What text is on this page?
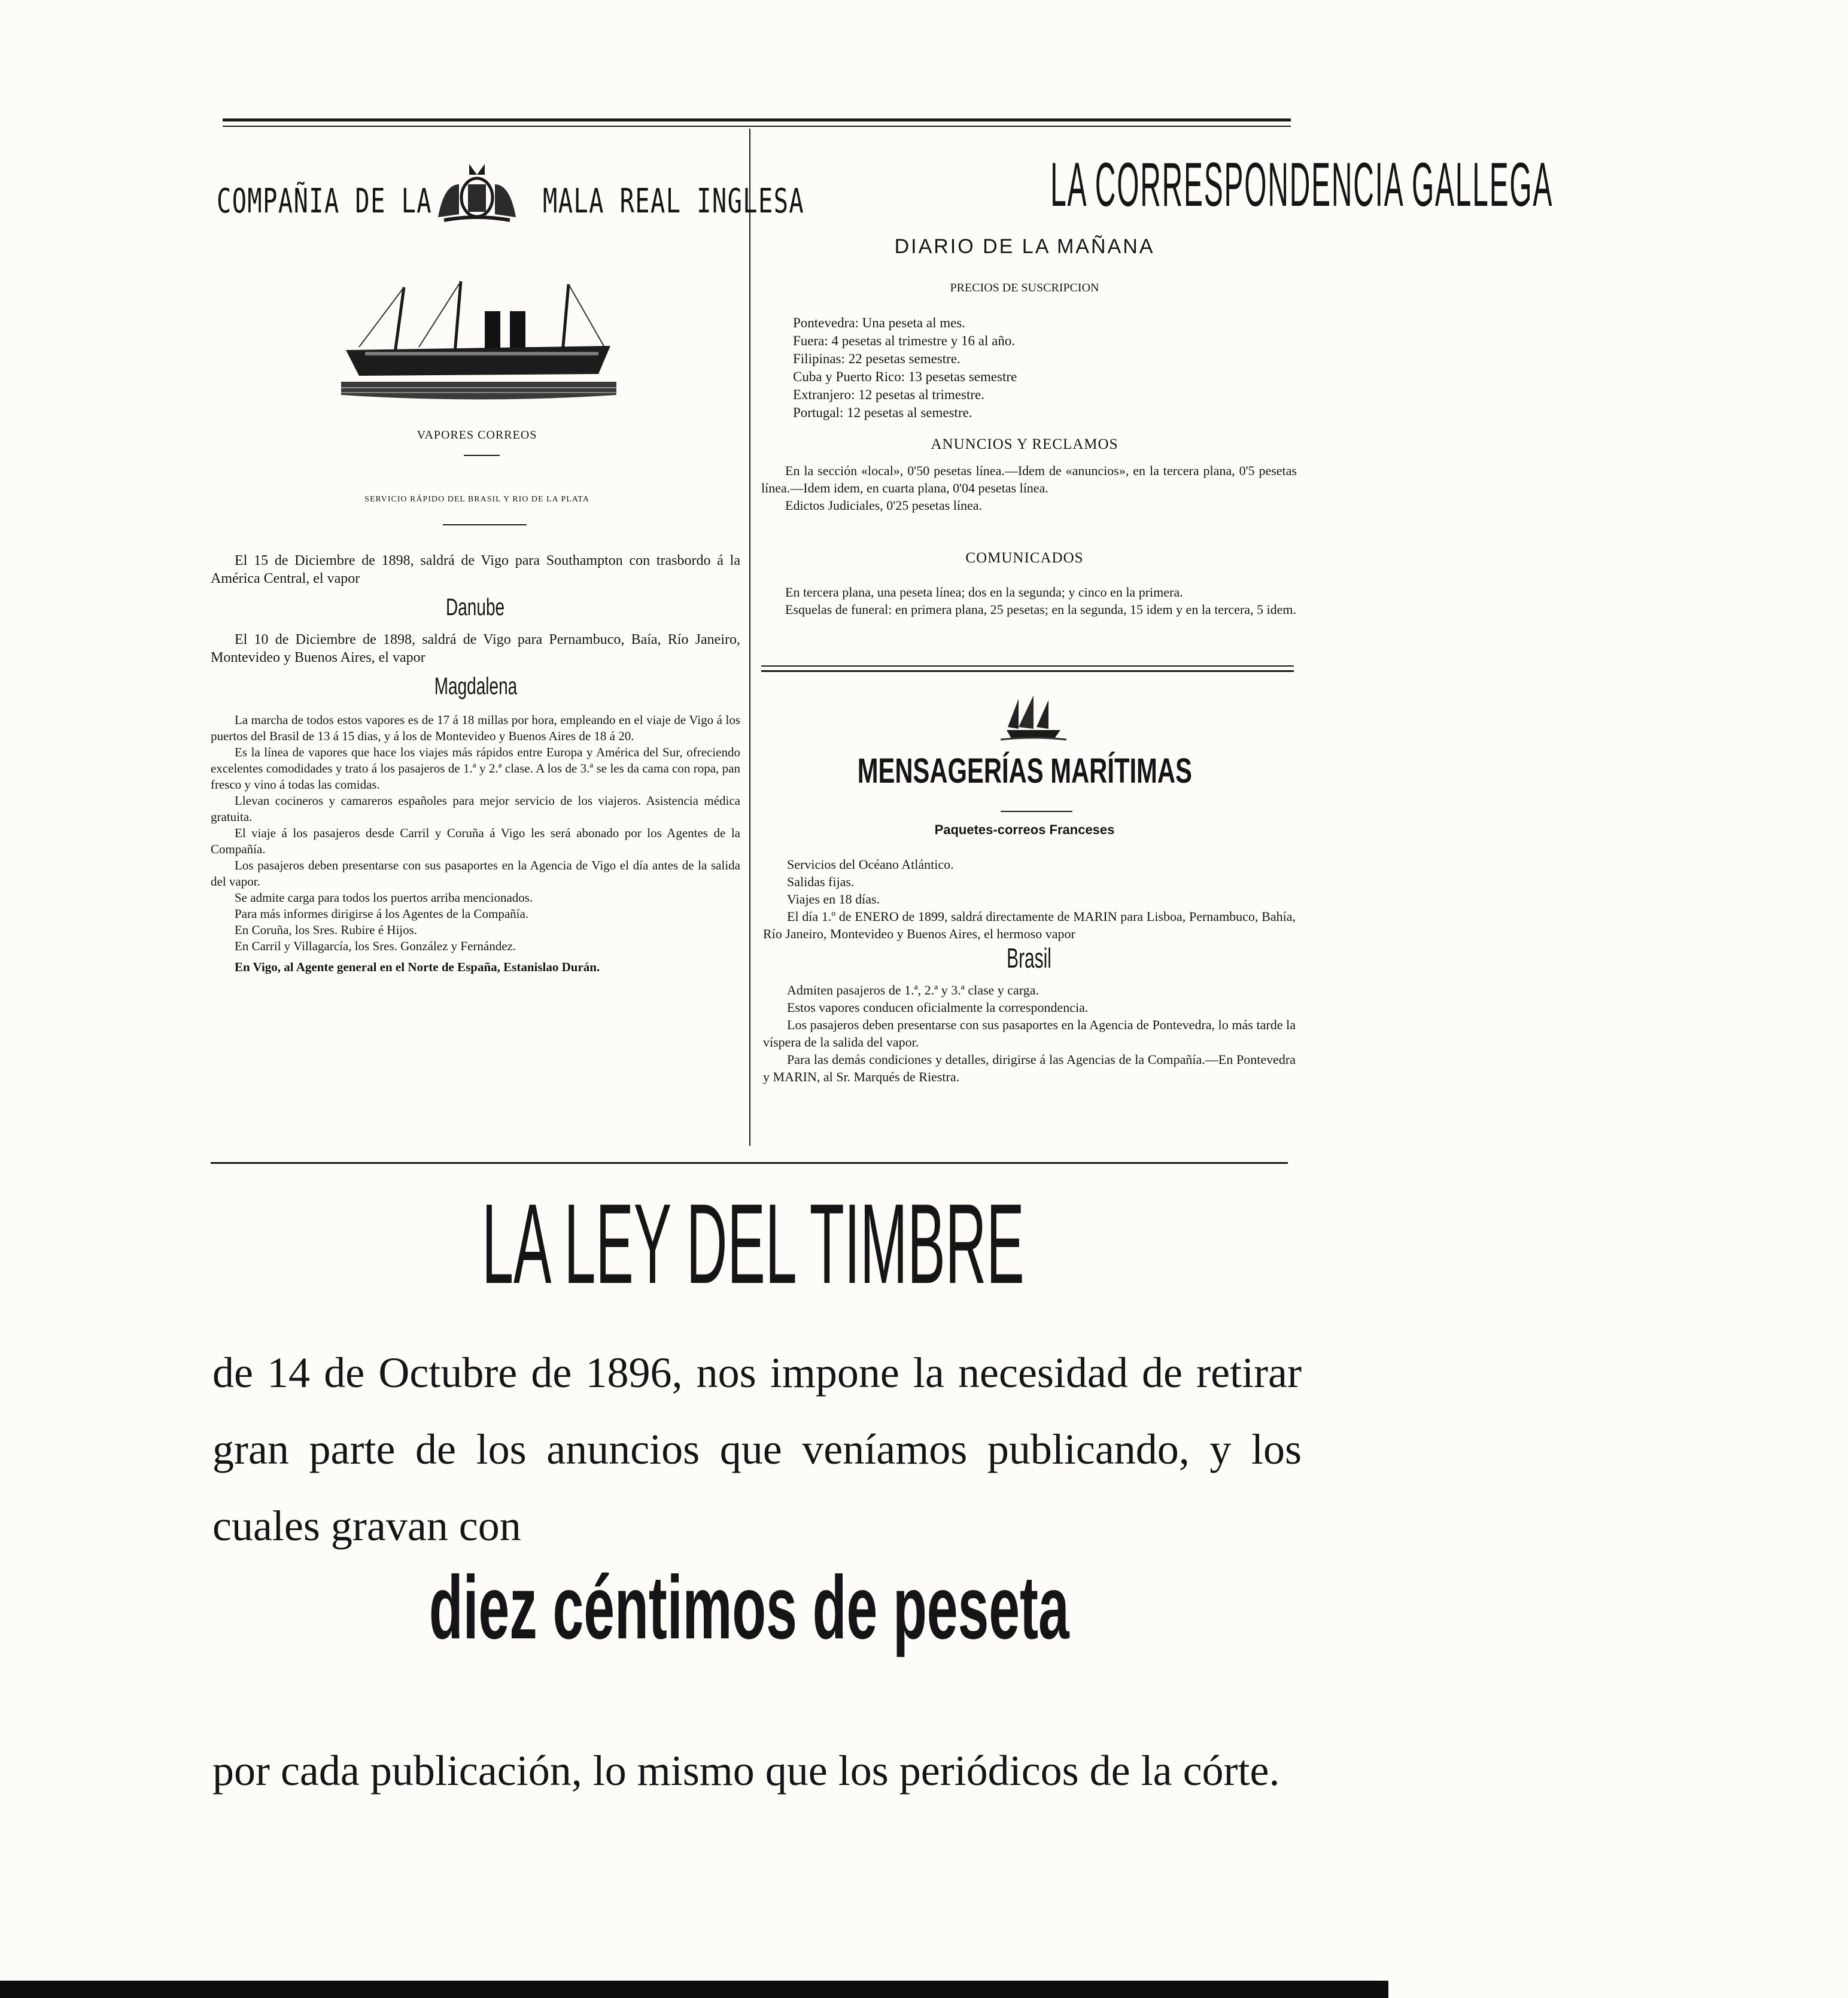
COMPAÑIA DE LA	MALA REAL INGLESA
VAPORES CORREOS
SERVICIO RÁPIDO DEL BRASIL Y RIO DE LA PLATA

El 15 de Diciembre de 1898, saldrá de Vigo para Southampton con trasbordo á la América Central, el vapor

Danube

El 10 de Diciembre de 1898, saldrá de Vigo para Pernambuco, Baía, Río Janeiro, Montevideo y Buenos Aires, el vapor

Magdalena

La marcha de todos estos vapores es de 17 á 18 millas por hora, empleando en el viaje de Vigo á los puertos del Brasil de 13 á 15 dias, y á los de Montevideo y Buenos Aires de 18 á 20.

Es la línea de vapores que hace los viajes más rápidos entre Europa y América del Sur, ofreciendo excelentes comodidades y trato á los pasajeros de 1.ª y 2.ª clase. A los de 3.ª se les da cama con ropa, pan fresco y vino á todas las comidas.

Llevan cocineros y camareros españoles para mejor servicio de los viajeros. Asistencia médica gratuita.

El viaje á los pasajeros desde Carril y Coruña á Vigo les será abonado por los Agentes de la Compañía.

Los pasajeros deben presentarse con sus pasaportes en la Agencia de Vigo el día antes de la salida del vapor.

Se admite carga para todos los puertos arriba mencionados.

Para más informes dirigirse á los Agentes de la Compañía.

En Coruña, los Sres. Rubire é Hijos.

En Carril y Villagarcía, los Sres. González y Fernández.

En Vigo, al Agente general en el Norte de España, Estanislao Durán.

LA CORRESPONDENCIA GALLEGA
DIARIO DE LA MAÑANA
PRECIOS DE SUSCRIPCION

Pontevedra: Una peseta al mes.

Fuera: 4 pesetas al trimestre y 16 al año.

Filipinas: 22 pesetas semestre.

Cuba y Puerto Rico: 13 pesetas semestre

Extranjero: 12 pesetas al trimestre.

Portugal: 12 pesetas al semestre.

ANUNCIOS Y RECLAMOS

En la sección «local», 0'50 pesetas línea.—Idem de «anuncios», en la tercera plana, 0'5 pesetas línea.—Idem idem, en cuarta plana, 0'04 pesetas línea.

Edictos Judiciales, 0'25 pesetas línea.

COMUNICADOS

En tercera plana, una peseta línea; dos en la segunda; y cinco en la primera.

Esquelas de funeral: en primera plana, 25 pesetas; en la segunda, 15 idem y en la tercera, 5 idem.

MENSAGERÍAS MARÍTIMAS
Paquetes-correos Franceses

Servicios del Océano Atlántico.

Salidas fijas.

Viajes en 18 días.

El día 1.º de ENERO de 1899, saldrá directamente de MARIN para Lisboa, Pernambuco, Bahía, Río Janeiro, Montevideo y Buenos Aires, el hermoso vapor

Brasil

Admiten pasajeros de 1.ª, 2.ª y 3.ª clase y carga.

Estos vapores conducen oficialmente la correspondencia.

Los pasajeros deben presentarse con sus pasaportes en la Agencia de Pontevedra, lo más tarde la víspera de la salida del vapor.

Para las demás condiciones y detalles, dirigirse á las Agencias de la Compañía.—En Pontevedra y MARIN, al Sr. Marqués de Riestra.

LA LEY DEL TIMBRE

de 14 de Octubre de 1896, nos impone la necesidad de retirar gran parte de los anuncios que veníamos publicando, y los cuales gravan con

diez céntimos de peseta

por cada publicación, lo mismo que los periódicos de la córte.
